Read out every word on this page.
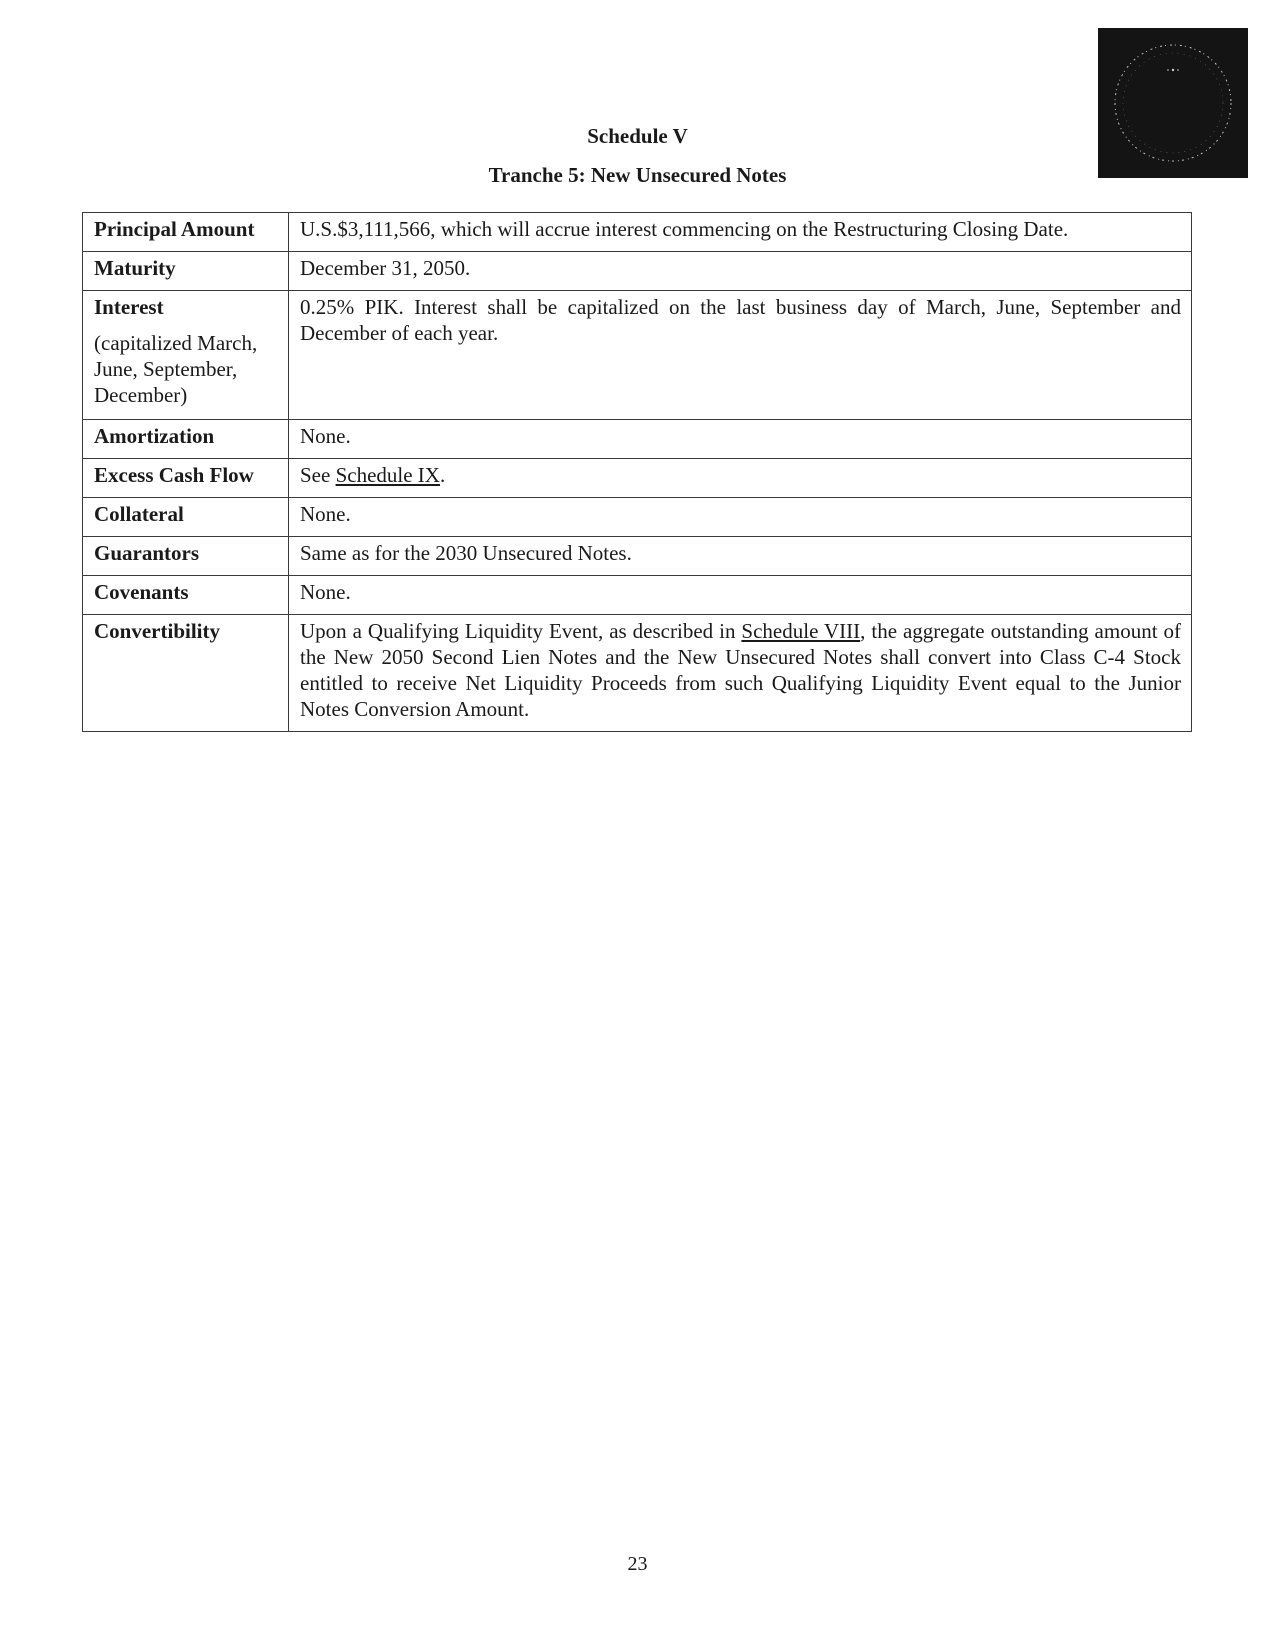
Schedule V
Tranche 5: New Unsecured Notes
Principal Amount	U.S.$3,111,566, which will accrue interest commencing on the Restructuring Closing Date.
Maturity	December 31, 2050.
Interest
(capitalized March, June, September, December)	0.25% PIK. Interest shall be capitalized on the last business day of March, June, September and December of each year.
Amortization	None.
Excess Cash Flow	See Schedule IX.
Collateral	None.
Guarantors	Same as for the 2030 Unsecured Notes.
Covenants	None.
Convertibility	Upon a Qualifying Liquidity Event, as described in Schedule VIII, the aggregate outstanding amount of the New 2050 Second Lien Notes and the New Unsecured Notes shall convert into Class C-4 Stock entitled to receive Net Liquidity Proceeds from such Qualifying Liquidity Event equal to the Junior Notes Conversion Amount.
23
